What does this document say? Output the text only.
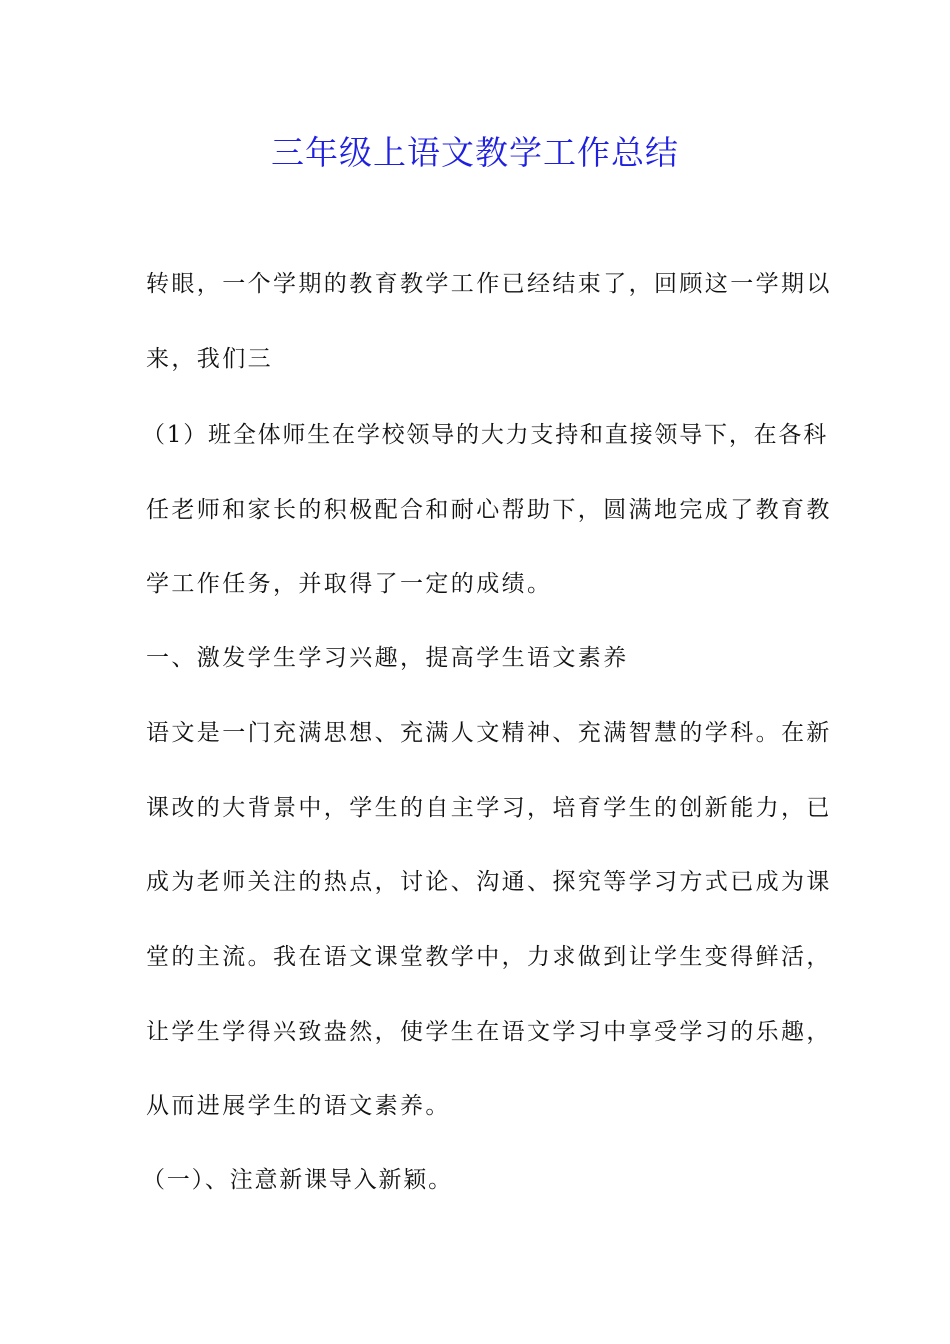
三年级上语文教学工作总结
转眼，一个学期的教育教学工作已经结束了，回顾这一学期以
来，我们三
（1）班全体师生在学校领导的大力支持和直接领导下，在各科
任老师和家长的积极配合和耐心帮助下，圆满地完成了教育教
学工作任务，并取得了一定的成绩。
一、激发学生学习兴趣，提高学生语文素养
语文是一门充满思想、充满人文精神、充满智慧的学科。在新
课改的大背景中，学生的自主学习，培育学生的创新能力，已
成为老师关注的热点，讨论、沟通、探究等学习方式已成为课
堂的主流。我在语文课堂教学中，力求做到让学生变得鲜活，
让学生学得兴致盎然，使学生在语文学习中享受学习的乐趣，
从而进展学生的语文素养。
（一）、注意新课导入新颖。
